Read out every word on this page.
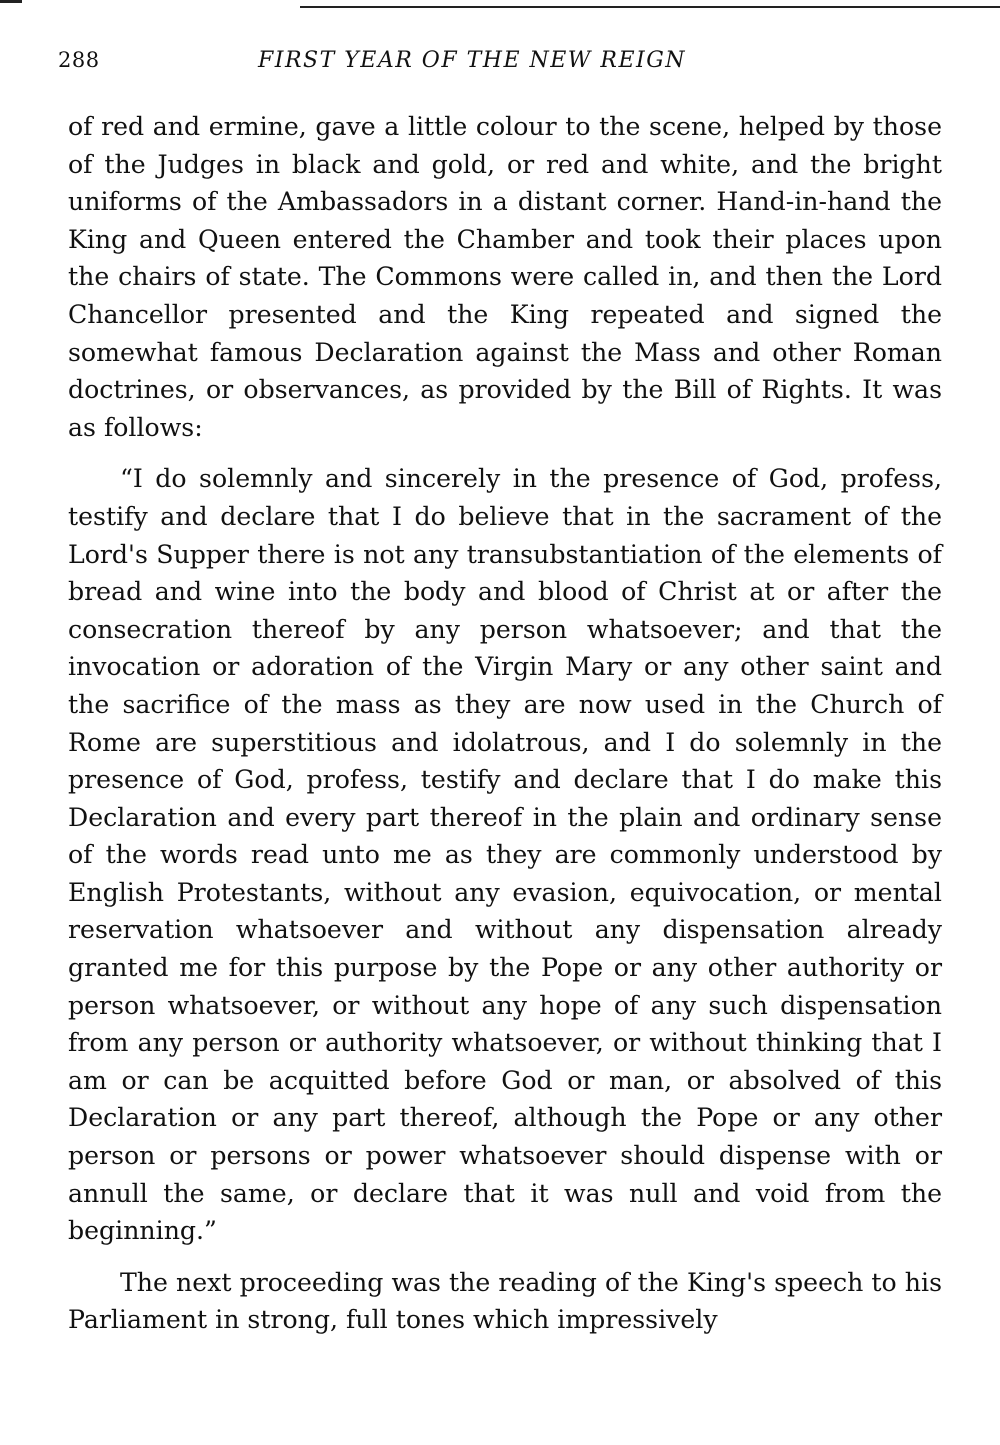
288	FIRST YEAR OF THE NEW REIGN

of red and ermine, gave a little colour to the scene, helped by those of the Judges in black and gold, or red and white, and the bright uniforms of the Ambassadors in a distant corner. Hand-in-hand the King and Queen entered the Chamber and took their places upon the chairs of state. The Commons were called in, and then the Lord Chancellor presented and the King repeated and signed the somewhat famous Declaration against the Mass and other Roman doctrines, or observances, as provided by the Bill of Rights. It was as follows:

“I do solemnly and sincerely in the presence of God, profess, testify and declare that I do believe that in the sacrament of the Lord's Supper there is not any transubstantiation of the elements of bread and wine into the body and blood of Christ at or after the consecration thereof by any person whatsoever; and that the invocation or adoration of the Virgin Mary or any other saint and the sacrifice of the mass as they are now used in the Church of Rome are superstitious and idolatrous, and I do solemnly in the presence of God, profess, testify and declare that I do make this Declaration and every part thereof in the plain and ordinary sense of the words read unto me as they are commonly understood by English Protestants, without any evasion, equivocation, or mental reservation whatsoever and without any dispensation already granted me for this purpose by the Pope or any other authority or person whatsoever, or without any hope of any such dispensation from any person or authority whatsoever, or without thinking that I am or can be acquitted before God or man, or absolved of this Declaration or any part thereof, although the Pope or any other person or persons or power whatsoever should dispense with or annull the same, or declare that it was null and void from the beginning.”

The next proceeding was the reading of the King's speech to his Parliament in strong, full tones which impressively
